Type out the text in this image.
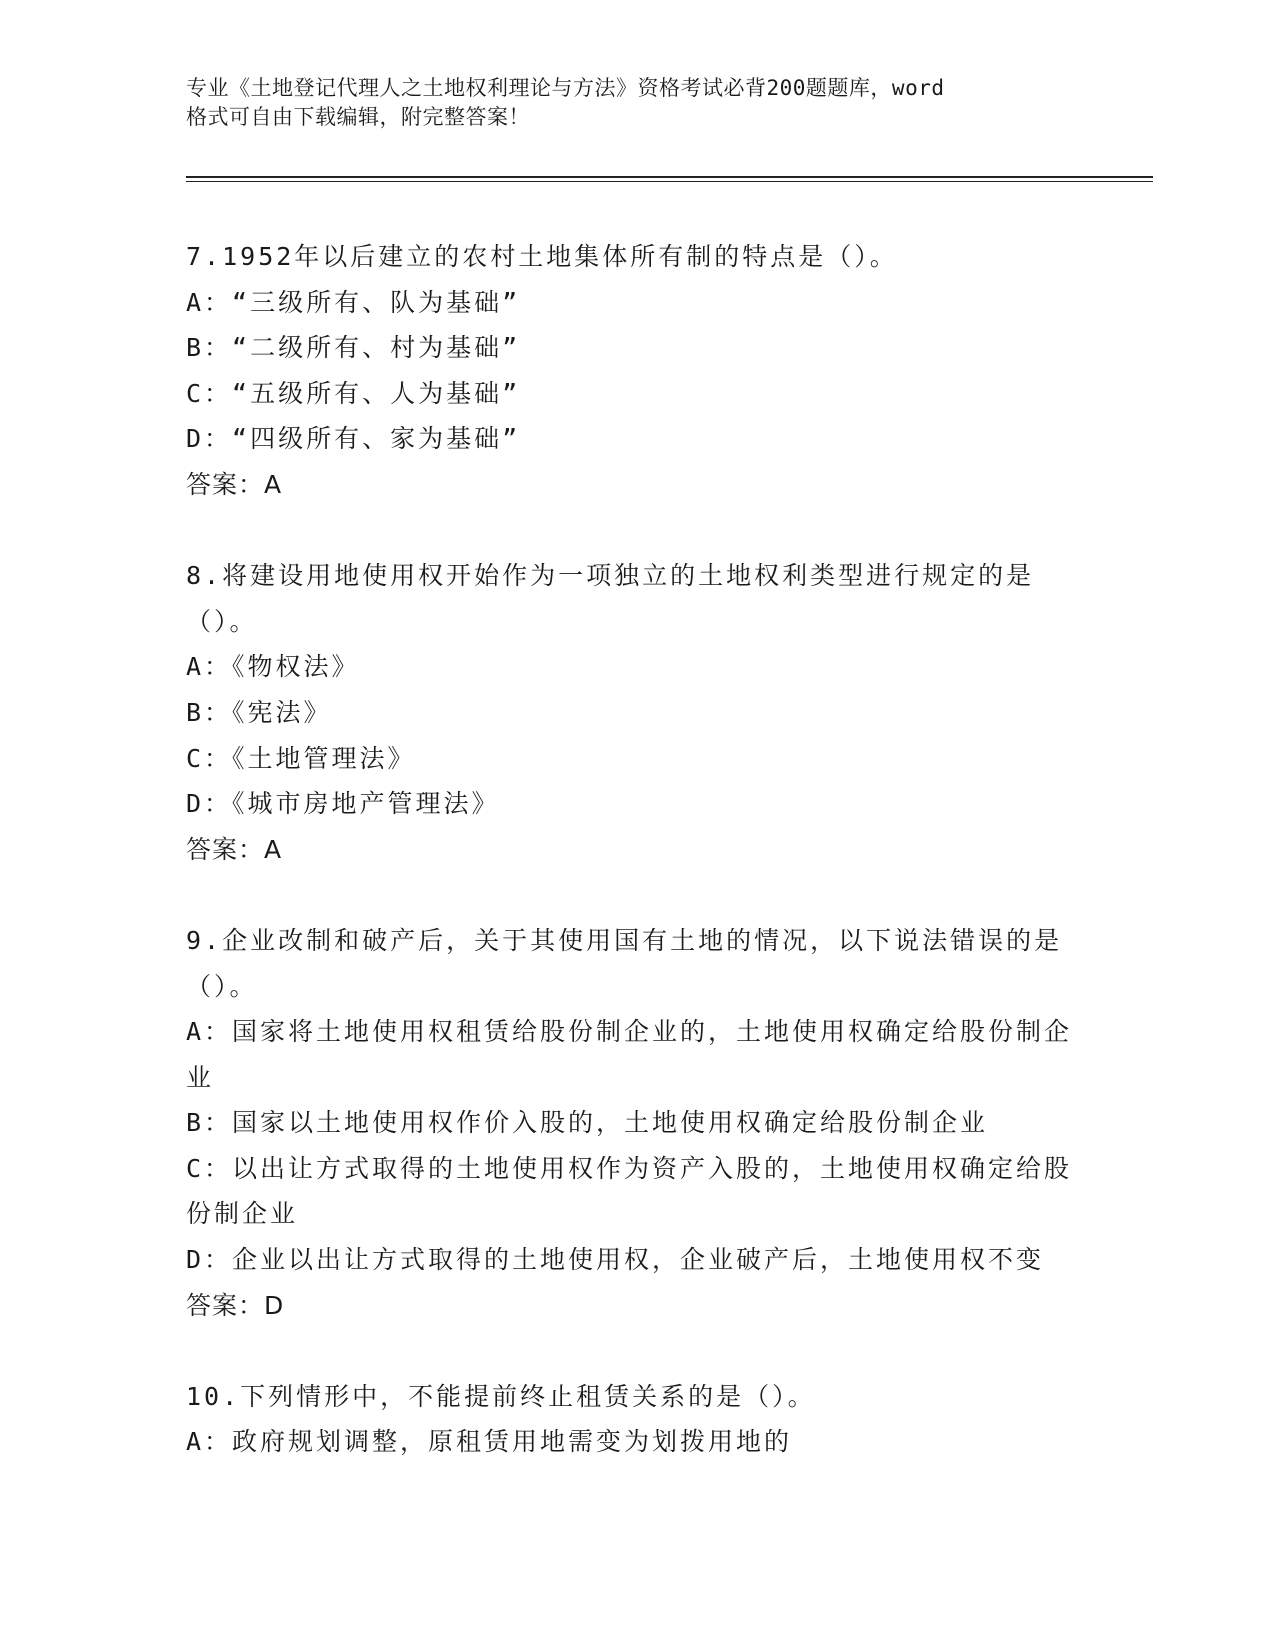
专业《土地登记代理人之土地权利理论与方法》资格考试必背200题题库，word
格式可自由下载编辑，附完整答案！
7.1952年以后建立的农村土地集体所有制的特点是（）。
A：“三级所有、队为基础”
B：“二级所有、村为基础”
C：“五级所有、人为基础”
D：“四级所有、家为基础”
答案：A
8.将建设用地使用权开始作为一项独立的土地权利类型进行规定的是（）。
A：《物权法》
B：《宪法》
C：《土地管理法》
D：《城市房地产管理法》
答案：A
9.企业改制和破产后，关于其使用国有土地的情况，以下说法错误的是（）。
A：国家将土地使用权租赁给股份制企业的，土地使用权确定给股份制企业
B：国家以土地使用权作价入股的，土地使用权确定给股份制企业
C：以出让方式取得的土地使用权作为资产入股的，土地使用权确定给股份制企业
D：企业以出让方式取得的土地使用权，企业破产后，土地使用权不变
答案：D
10.下列情形中，不能提前终止租赁关系的是（）。
A：政府规划调整，原租赁用地需变为划拨用地的
